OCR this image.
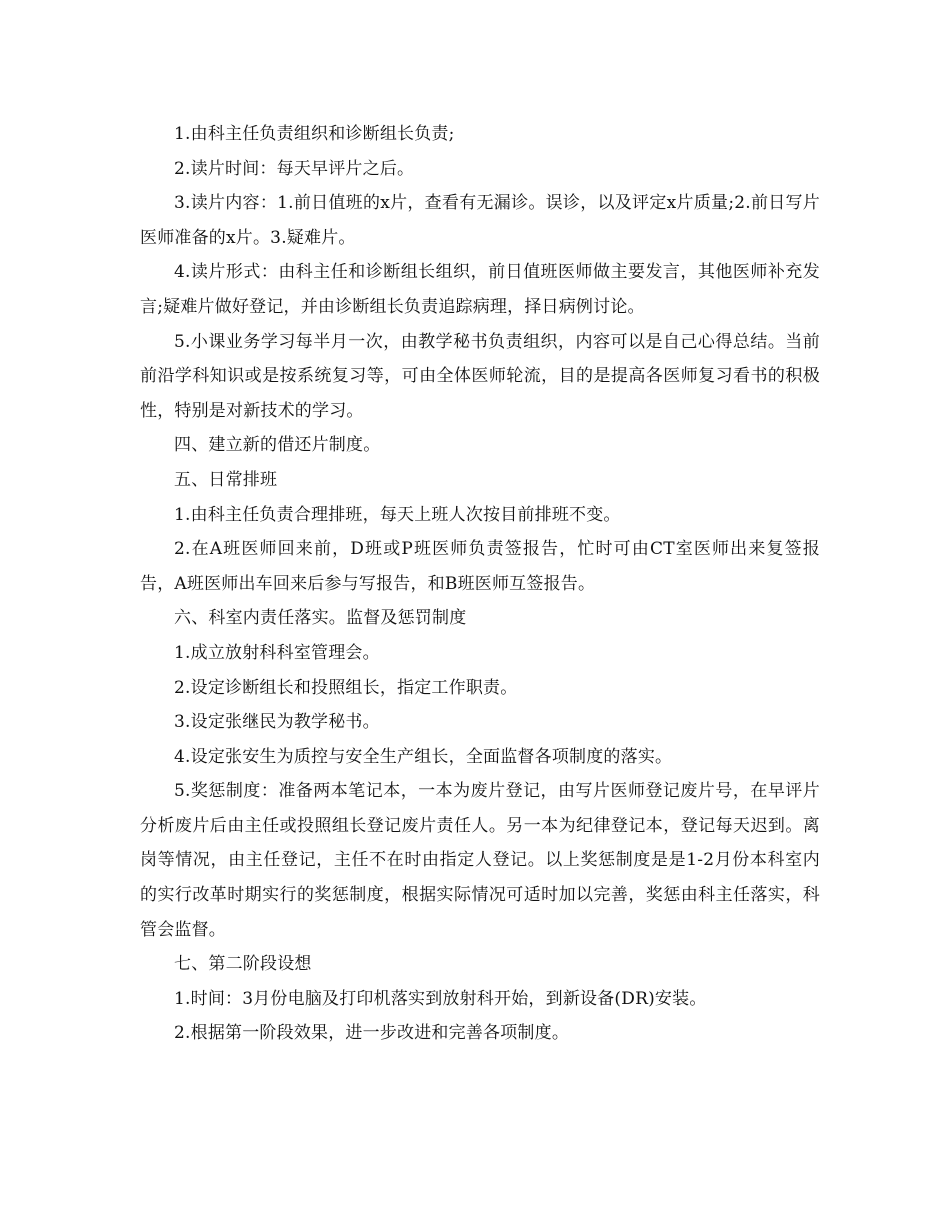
1.由科主任负责组织和诊断组长负责;

2.读片时间：每天早评片之后。

3.读片内容：1.前日值班的x片，查看有无漏诊。误诊，以及评定x片质量;2.前日写片医师准备的x片。3.疑难片。

4.读片形式：由科主任和诊断组长组织，前日值班医师做主要发言，其他医师补充发言;疑难片做好登记，并由诊断组长负责追踪病理，择日病例讨论。

5.小课业务学习每半月一次，由教学秘书负责组织，内容可以是自己心得总结。当前前沿学科知识或是按系统复习等，可由全体医师轮流，目的是提高各医师复习看书的积极性，特别是对新技术的学习。

四、建立新的借还片制度。

五、日常排班

1.由科主任负责合理排班，每天上班人次按目前排班不变。

2.在A班医师回来前，D班或P班医师负责签报告，忙时可由CT室医师出来复签报告，A班医师出车回来后参与写报告，和B班医师互签报告。

六、科室内责任落实。监督及惩罚制度

1.成立放射科科室管理会。

2.设定诊断组长和投照组长，指定工作职责。

3.设定张继民为教学秘书。

4.设定张安生为质控与安全生产组长，全面监督各项制度的落实。

5.奖惩制度：准备两本笔记本，一本为废片登记，由写片医师登记废片号，在早评片分析废片后由主任或投照组长登记废片责任人。另一本为纪律登记本，登记每天迟到。离岗等情况，由主任登记，主任不在时由指定人登记。以上奖惩制度是是1-2月份本科室内的实行改革时期实行的奖惩制度，根据实际情况可适时加以完善，奖惩由科主任落实，科管会监督。

七、第二阶段设想

1.时间：3月份电脑及打印机落实到放射科开始，到新设备(DR)安装。

2.根据第一阶段效果，进一步改进和完善各项制度。
